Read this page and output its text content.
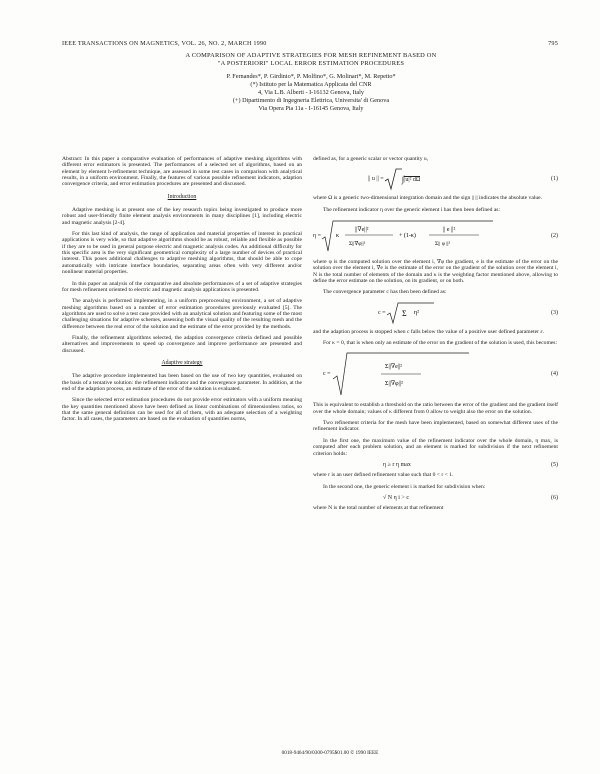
IEEE TRANSACTIONS ON MAGNETICS, VOL. 26, NO. 2, MARCH 1990	795
A COMPARISON OF ADAPTIVE STRATEGIES FOR MESH REFINEMENT BASED ON
"A POSTERIORI" LOCAL ERROR ESTIMATION PROCEDURES
P. Fernandes*, P. Girdinio*, P. Molfino*, G. Molinari*, M. Repetto*
(*) Istituto per la Matematica Applicata del CNR
4, Via L.B. Alberti - I-16132 Genova, Italy
(+) Dipartimento di Ingegneria Elettrica, Universita' di Genova
Via Opera Pia 11a - I-16145 Genova, Italy

Abstract: In this paper a comparative evaluation of performances of adaptive meshing algorithms with different error estimators is presented. The performances of a selected set of algorithms, based on an element by element h-refinement technique, are assessed in some test cases in comparison with analytical results, in a uniform environment. Finally, the features of various possible refinement indicators, adaption convergence criteria, and error estimation procedures are presented and discussed.

Introduction

Adaptive meshing is at present one of the key research topics being investigated to produce more robust and user-friendly finite element analysis environments in many disciplines [1], including electric and magnetic analysis [2-4].

For this last kind of analysis, the range of application and material properties of interest in practical applications is very wide, so that adaptive algorithms should be as robust, reliable and flexible as possible if they are to be used in general purpose electric and magnetic analysis codes. An additional difficulty for this specific area is the very significant geometrical complexity of a large number of devices of practical interest. This poses additional challenges to adaptive meshing algorithms, that should be able to cope automatically with intricate interface boundaries, separating areas often with very different and/or nonlinear material properties.

In this paper an analysis of the comparative and absolute performances of a set of adaptive strategies for mesh refinement oriented to electric and magnetic analysis applications is presented.

The analysis is performed implementing, in a uniform preprocessing environment, a set of adaptive meshing algorithms based on a number of error estimation procedures previously evaluated [5]. The algorithms are used to solve a test case provided with an analytical solution and featuring some of the most challenging situations for adaptive schemes, assessing both the visual quality of the resulting mesh and the difference between the real error of the solution and the estimate of the error provided by the methods.

Finally, the refinement algorithms selected, the adaption convergence criteria defined and possible alternatives and improvements to speed up convergence and improve performance are presented and discussed.

Adaptive strategy

The adaptive procedure implemented has been based on the use of two key quantities, evaluated on the basis of a tentative solution: the refinement indicator and the convergence parameter. In addition, at the end of the adaption process, an estimate of the error of the solution is evaluated.

Since the selected error estimation procedures do not provide error estimators with a uniform meaning the key quantities mentioned above have been defined as linear combinations of dimensionless ratios, so that the same general definition can be used for all of them, with an adequate selection of a weighting factor. In all cases, the parameters are based on the evaluation of quantities norms,

defined as, for a generic scalar or vector quantity u,

|| u || = ∫ |u|² dΩ	(1)

where Ω is a generic two-dimensional integration domain and the sign || || indicates the absolute value.

The refinement indicator η over the generic element i has then been defined as:

η =	κ
||∇e||²
Σ||∇φ||²
+ (1-κ)
|| e ||²
Σ|| φ ||²
(2)

where φ is the computed solution over the element i, ∇φ the gradient, e is the estimate of the error on the solution over the element i, ∇e is the estimate of the error on the gradient of the solution over the element i, N is the total number of elements of the domain and κ is the weighting factor mentioned above, allowing to define the error estimate on the solution, on its gradient, or on both.

The convergence parameter c has then been defined as:

c = Σ η²	(3)

and the adaption process is stopped when c falls below the value of a positive user defined parameter ε.

For κ = 0, that is when only an estimate of the error on the gradient of the solution is used, this becomes:

c =
Σ||∇e||²
Σ||∇φ||²
(4)

This is equivalent to establish a threshold on the ratio between the error of the gradient and the gradient itself over the whole domain; values of κ different from 0 allow to weight also the error on the solution.

Two refinement criteria for the mesh have been implemented, based on somewhat different uses of the refinement indicator.

In the first one, the maximum value of the refinement indicator over the whole domain, η max, is computed after each problem solution, and an element is marked for subdivision if the next refinement criterion holds:

η ≥ r η max	(5)

where r is an user defined refinement value such that 0 < r < 1.

In the second one, the generic element i is marked for subdivision when:

√ N η i > c	(6)

where N is the total number of elements at that refinement

0018-9464/90/0300-0795$01.00 © 1990 IEEE
